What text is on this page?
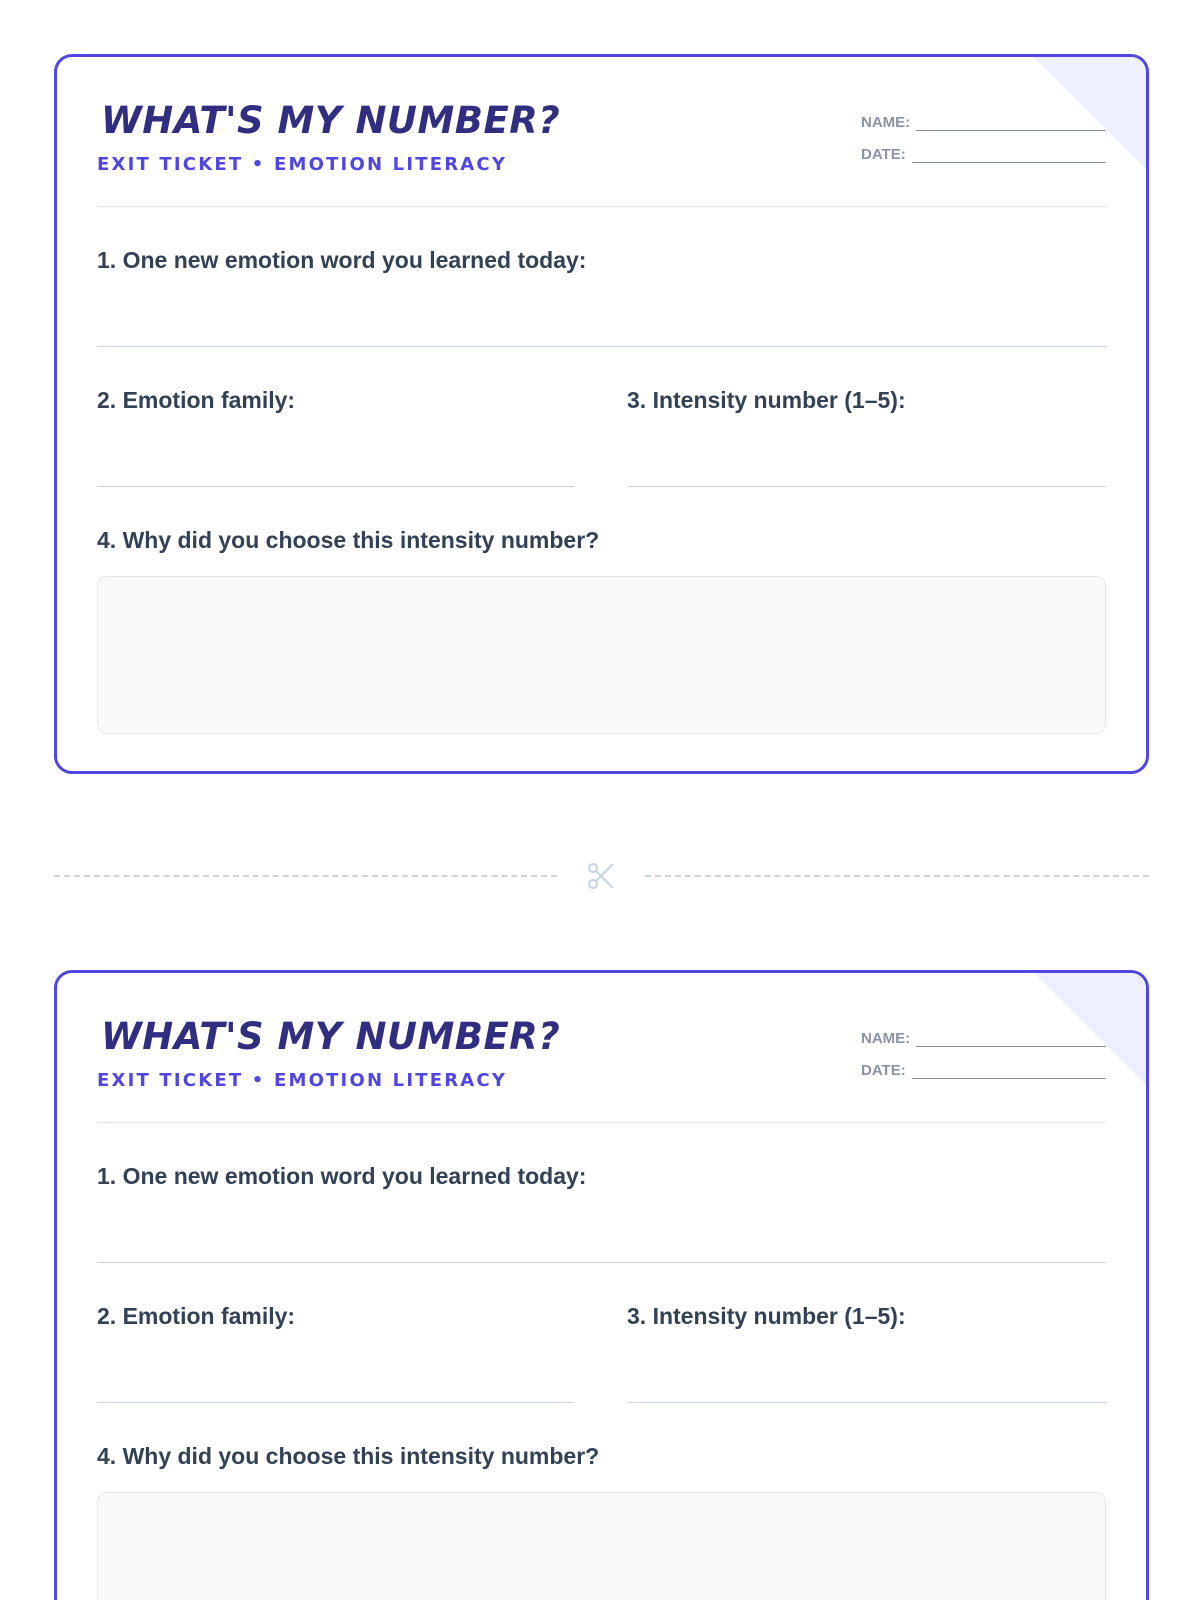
WHAT'S MY NUMBER?
EXIT TICKET • EMOTION LITERACY
NAME:
DATE:
1. One new emotion word you learned today:
2. Emotion family:	3. Intensity number (1–5):
4. Why did you choose this intensity number?
WHAT'S MY NUMBER?
EXIT TICKET • EMOTION LITERACY
NAME:
DATE:
1. One new emotion word you learned today:
2. Emotion family:	3. Intensity number (1–5):
4. Why did you choose this intensity number?
